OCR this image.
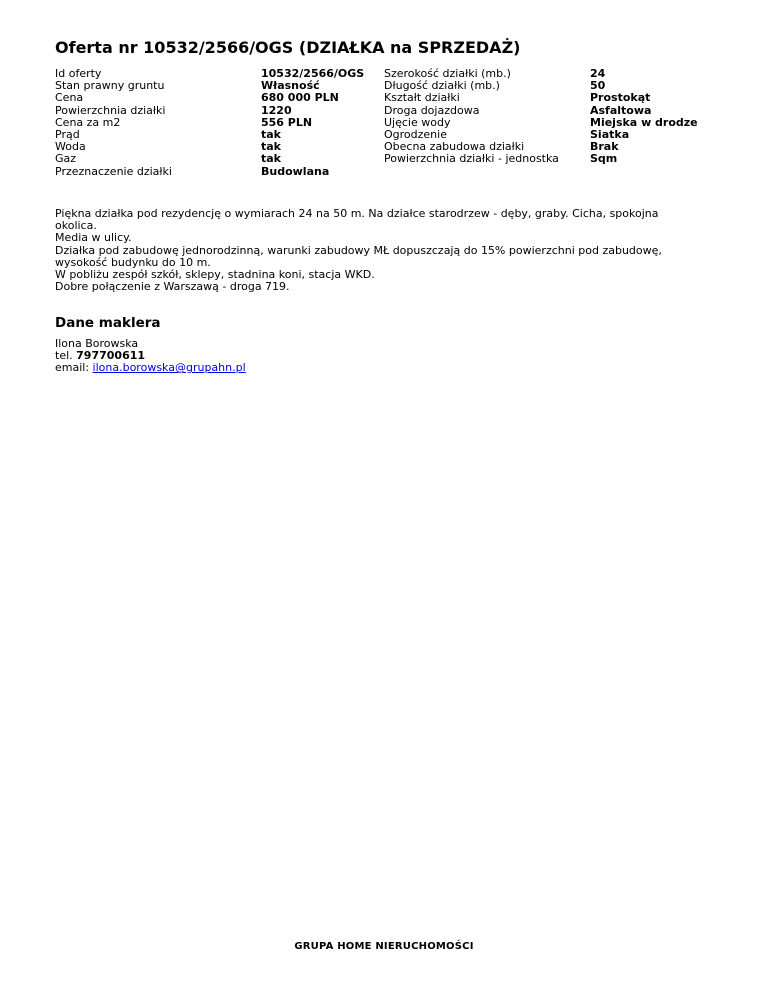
Oferta nr 10532/2566/OGS (DZIAŁKA na SPRZEDAŻ)
Id oferty
Stan prawny gruntu
Cena
Powierzchnia działki
Cena za m2
Prąd
Woda
Gaz
Przeznaczenie działki
10532/2566/OGS
Własność
680 000 PLN
1220
556 PLN
tak
tak
tak
Budowlana
Szerokość działki (mb.)
Długość działki (mb.)
Kształt działki
Droga dojazdowa
Ujęcie wody
Ogrodzenie
Obecna zabudowa działki
Powierzchnia działki - jednostka
24
50
Prostokąt
Asfaltowa
Miejska w drodze
Siatka
Brak
Sqm
Piękna działka pod rezydencję o wymiarach 24 na 50 m. Na działce starodrzew - dęby, graby. Cicha, spokojna okolica.
Media w ulicy.
Działka pod zabudowę jednorodzinną, warunki zabudowy MŁ dopuszczają do 15% powierzchni pod zabudowę, wysokość budynku do 10 m.
W pobliżu zespół szkół, sklepy, stadnina koni, stacja WKD.
Dobre połączenie z Warszawą - droga 719.
Dane maklera
Ilona Borowska
tel. 797700611
email: ilona.borowska@grupahn.pl
GRUPA HOME NIERUCHOMOŚCI
